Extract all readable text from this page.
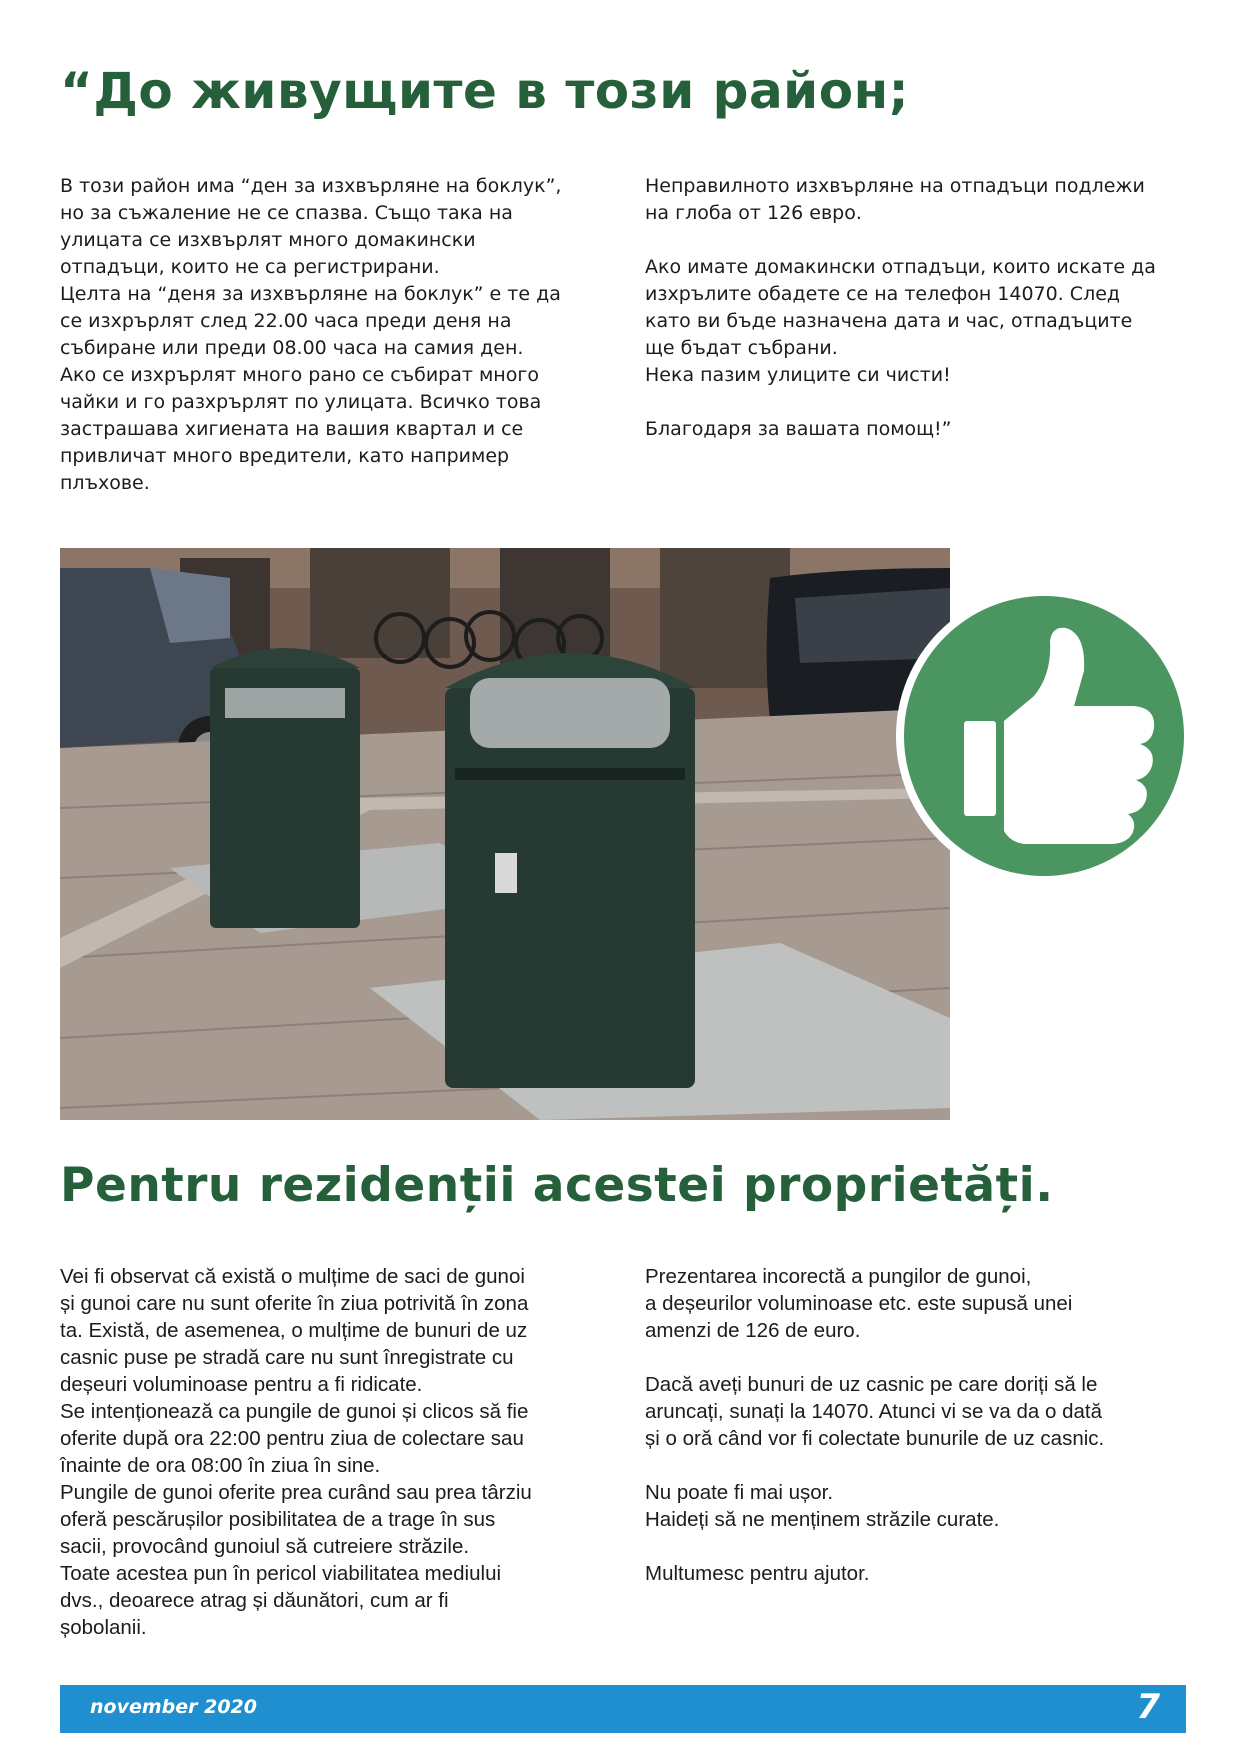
“До живущите в този район;

В този район има “ден за изхвърляне на боклук”,
но за съжаление не се спазва. Също така на
улицата се изхвърлят много домакински
отпадъци, които не са регистрирани.
Целта на “деня за изхвърляне на боклук” е те да
се изхрърлят след 22.00 часа преди деня на
събиране или преди 08.00 часа на самия ден.
Ако се изхрърлят много рано се събират много
чайки и го разхрърлят по улицата. Всичко това
застрашава хигиената на вашия квартал и се
привличат много вредители, като например
плъхове.

Неправилното изхвърляне на отпадъци подлежи
на глоба от 126 евро.

Ако имате домакински отпадъци, които искате да
изхрълите обадете се на телефон 14070. След
като ви бъде назначена дата и час, отпадъците
ще бъдат събрани.
Нека пазим улиците си чисти!

Благодаря за вашата помощ!”

Pentru rezidenții acestei proprietăți.

Vei fi observat că există o mulțime de saci de gunoi
și gunoi care nu sunt oferite în ziua potrivită în zona
ta. Există, de asemenea, o mulțime de bunuri de uz
casnic puse pe stradă care nu sunt înregistrate cu
deșeuri voluminoase pentru a fi ridicate.
Se intenționează ca pungile de gunoi și clicos să fie
oferite după ora 22:00 pentru ziua de colectare sau
înainte de ora 08:00 în ziua în sine.
Pungile de gunoi oferite prea curând sau prea târziu
oferă pescărușilor posibilitatea de a trage în sus
sacii, provocând gunoiul să cutreiere străzile.
Toate acestea pun în pericol viabilitatea mediului
dvs., deoarece atrag și dăunători, cum ar fi
șobolanii.

Prezentarea incorectă a pungilor de gunoi,
a deșeurilor voluminoase etc. este supusă unei
amenzi de 126 de euro.

Dacă aveți bunuri de uz casnic pe care doriți să le
aruncați, sunați la 14070. Atunci vi se va da o dată
și o oră când vor fi colectate bunurile de uz casnic.

Nu poate fi mai ușor.
Haideți să ne menținem străzile curate.

Multumesc pentru ajutor.

november 2020	7
